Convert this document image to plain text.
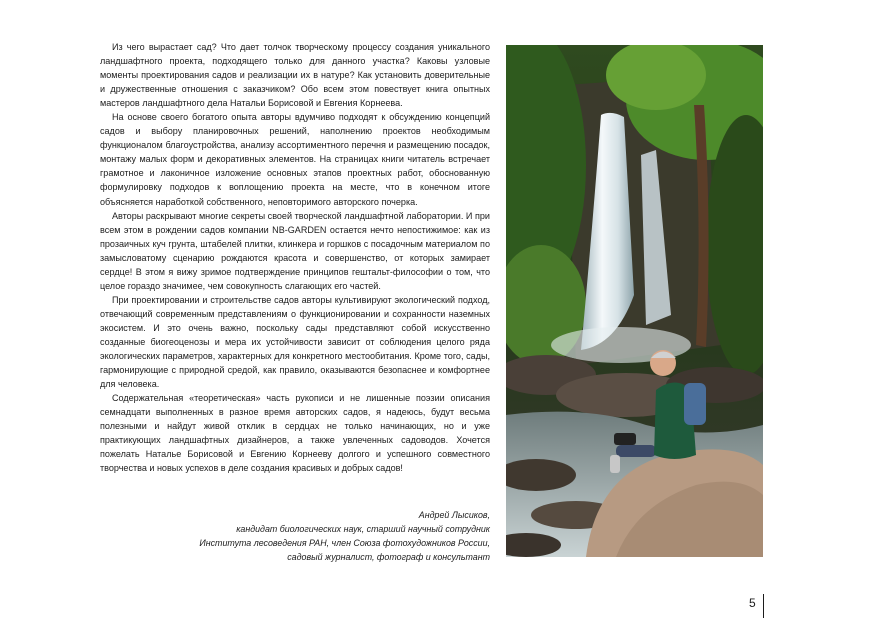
Из чего вырастает сад? Что дает толчок творческому процессу создания уникального ландшафтного проекта, подходящего только для данного участка? Каковы узловые моменты проектирования садов и реализации их в натуре? Как установить доверительные и дружественные отношения с заказчиком? Обо всем этом повествует книга опытных мастеров ландшафтного дела Натальи Борисовой и Евгения Корнеева.

На основе своего богатого опыта авторы вдумчиво подходят к обсуждению концепций садов и выбору планировочных решений, наполнению проектов необходимым функционалом благоустройства, анализу ассортиментного перечня и размещению посадок, монтажу малых форм и декоративных элементов. На страницах книги читатель встречает грамотное и лаконичное изложение основных этапов проектных работ, обоснованную формулировку подходов к воплощению проекта на месте, что в конечном итоге объясняется наработкой собственного, неповторимого авторского почерка.

Авторы раскрывают многие секреты своей творческой ландшафтной лаборатории. И при всем этом в рождении садов компании NB-GARDEN остается нечто непостижимое: как из прозаичных куч грунта, штабелей плитки, клинкера и горшков с посадочным материалом по замысловатому сценарию рождаются красота и совершенство, от которых замирает сердце! В этом я вижу зримое подтверждение принципов гештальт-философии о том, что целое гораздо значимее, чем совокупность слагающих его частей.

При проектировании и строительстве садов авторы культивируют экологический подход, отвечающий современным представлениям о функционировании и сохранности наземных экосистем. И это очень важно, поскольку сады представляют собой искусственно созданные биогеоценозы и мера их устойчивости зависит от соблюдения целого ряда экологических параметров, характерных для конкретного местообитания. Кроме того, сады, гармонирующие с природной средой, как правило, оказываются безопаснее и комфортнее для человека.

Содержательная «теоретическая» часть рукописи и не лишенные поэзии описания семнадцати выполненных в разное время авторских садов, я надеюсь, будут весьма полезными и найдут живой отклик в сердцах не только начинающих, но и уже практикующих ландшафтных дизайнеров, а также увлеченных садоводов. Хочется пожелать Наталье Борисовой и Евгению Корнееву долгого и успешного совместного творчества и новых успехов в деле создания красивых и добрых садов!

Андрей Лысиков,
кандидат биологических наук, старший научный сотрудник
Института лесоведения РАН, член Союза фотохудожников России,
садовый журналист, фотограф и консультант
5
